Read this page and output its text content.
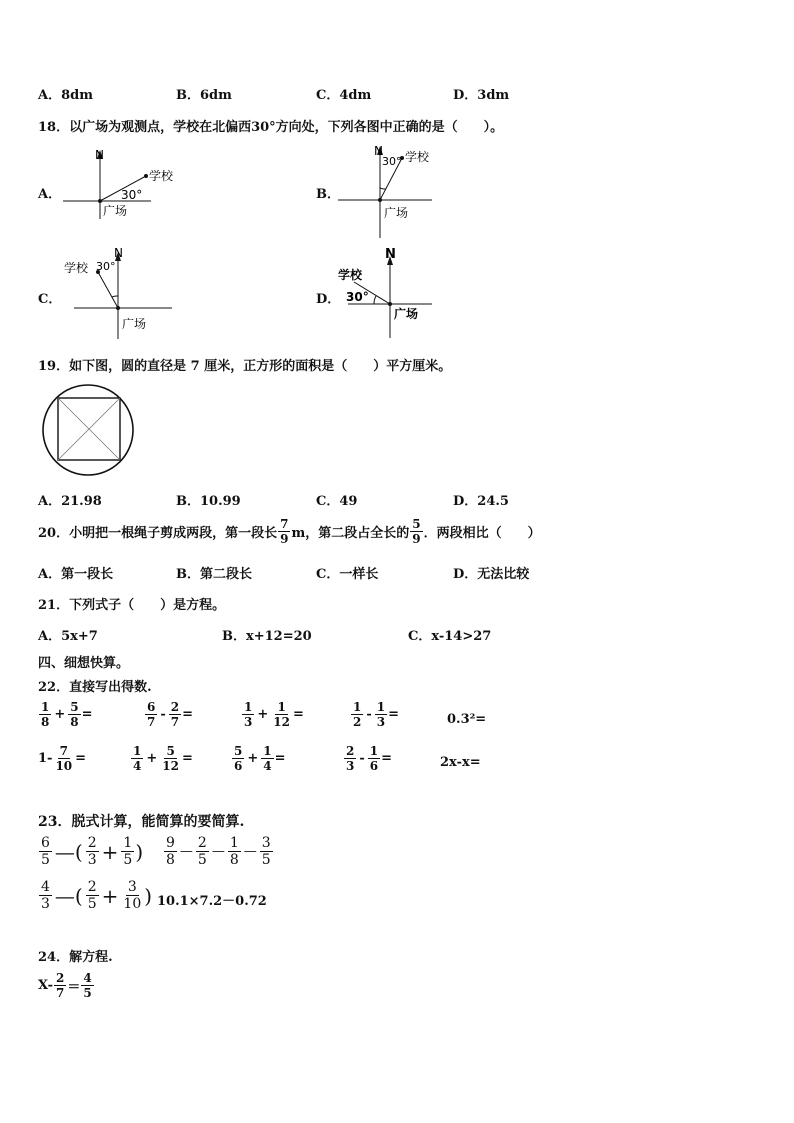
A．8dm	B．6dm	C．4dm	D．3dm
18．以广场为观测点，学校在北偏西30°方向处，下列各图中正确的是（　　）。
A．
N
学校
30°
广场
B．
N
30° 学校
广场
C．
N
30°
学校
广场
D．
N
学校
30°
广场
19．如下图，圆的直径是 7 厘米，正方形的面积是（　　）平方厘米。
A．21.98	B．10.99	C．49	D．24.5
20．小明把一根绳子剪成两段，第一段长 $\frac{7}{9}$ m，第二段占全长的 $\frac{5}{9}$ ．两段相比（　　）
A．第一段长	B．第二段长	C．一样长	D．无法比较
21．下列式子（　　）是方程。
A．5x+7	B．x+12=20	C．x-14>27
四、细想快算。
22．直接写出得数.
$\frac{1}{8} + \frac{5}{8}$ =	$\frac{6}{7} - \frac{2}{7}$ =	$\frac{1}{3} + \frac{1}{12}$ =	$\frac{1}{2} - \frac{1}{3}$ =	0.3²=
$1- \frac{7}{10}$ =	$\frac{1}{4} + \frac{5}{12}$ =	$\frac{5}{6} + \frac{1}{4}$ =	$\frac{2}{3} - \frac{1}{6}$ =	2x-x=
23．脱式计算，能简算的要简算.
$\frac{6}{5}$ —( $\frac{2}{3} + \frac{1}{5}$ ) $\frac{9}{8}$ — $\frac{2}{5}$ — $\frac{1}{8}$ — $\frac{3}{5}$
$\frac{4}{3}$ —( $\frac{2}{5} + \frac{3}{10}$ ) 10.1×7.2－0.72
24．解方程.
$X- \frac{2}{7} = \frac{4}{5}$
